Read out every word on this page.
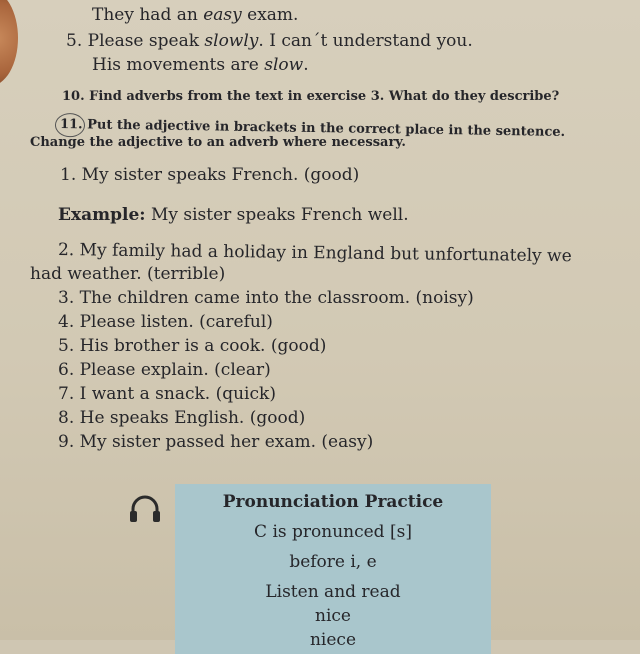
They had an easy exam.
5. Please speak slowly. I can´t understand you.
His movements are slow.
10. Find adverbs from the text in exercise 3. What do they describe?
11. Put the adjective in brackets in the correct place in the sentence.
Change the adjective to an adverb where necessary.
1. My sister speaks French. (good)
Example: My sister speaks French well.
2. My family had a holiday in England but unfortunately we
had weather. (terrible)
3. The children came into the classroom. (noisy)
4. Please listen. (careful)
5. His brother is a cook. (good)
6. Please explain. (clear)
7. I want a snack. (quick)
8. He speaks English. (good)
9. My sister passed her exam. (easy)
Pronunciation Practice
C is pronunced [s]
before i, e
Listen and read
nice
niece
